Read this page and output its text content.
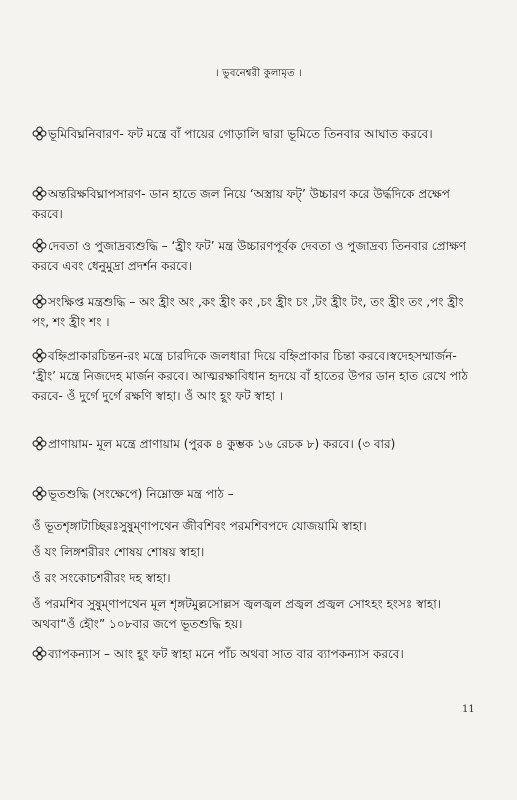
। ভুবনেশ্বরী কুলামৃত ।
ভূমিবিঘ্ননিবারণ- ফট মন্ত্রে বাঁ পায়ের গোড়ালি দ্বারা ভূমিতে তিনবার আঘাত করবে।
অন্তরিক্ষবিঘ্নাপসারণ- ডান হাতে জল নিয়ে ‘অস্ত্রায় ফট্‌’ উচ্চারণ করে উর্দ্ধদিকে প্রক্ষেপ করবে।
দেবতা ও পুজাদ্রব্যশুদ্ধি – ‘হ্রীং ফট’ মন্ত্র উচ্চারণপূর্বক দেবতা ও পুজাদ্রব্য তিনবার প্রোক্ষণ করবে এবং ধেনুমুদ্রা প্রদর্শন করবে।
সংক্ষিপ্ত মন্ত্রশুদ্ধি – অং হ্রীং অং ,কং হ্রীং কং ,চং হ্রীং চং ,টং হ্রীং টং, তং হ্রীং তং ,পং হ্রীং পং, শং হ্রীং শং ।
বহ্নিপ্রাকারচিন্তন-রং মন্ত্রে চারদিকে জলধারা দিয়ে বহ্নিপ্রাকার চিন্তা করবে।স্বদেহসম্মার্জন- ‘হ্রীং’ মন্ত্রে নিজদেহ মার্জন করবে। আত্মরক্ষাবিধান হৃদয়ে বাঁ হাতের উপর ডান হাত রেখে পাঠ করবে- ওঁ দুর্গে দুর্গে রক্ষণি স্বাহা। ওঁ আং হূং ফট স্বাহা ।
প্রাণায়াম- মূল মন্ত্রে প্রাণায়াম (পুরক ৪ কুম্ভক ১৬ রেচক ৮) করবে। (৩ বার)
ভূতশুদ্ধি (সংক্ষেপে) নিম্নোক্ত মন্ত্র পাঠ –
ওঁ ভূতশৃঙ্গাটাচ্ছিরঃসুষুম্ণাপথেন জীবশিবং পরমশিবপদে যোজয়ামি স্বাহা।
ওঁ যং লিঙ্গশরীরং শোষয় শোষয় স্বাহা।
ওঁ রং সংকোচশরীরং দহ স্বাহা।
ওঁ পরমশিব সুষুম্ণাপথেন মূল শৃঙ্গটমুল্লসোল্লস জ্বলজ্বল প্রজ্বল প্রজ্বল সোঽহং হংসঃ স্বাহা। অথবা“ওঁ হৌং” ১০৮বার জপে ভূতশুদ্ধি হয়।
ব্যাপকন্যাস – আং হূং ফট স্বাহা মনে পাঁচ অথবা সাত বার ব্যাপকন্যাস করবে।
11
